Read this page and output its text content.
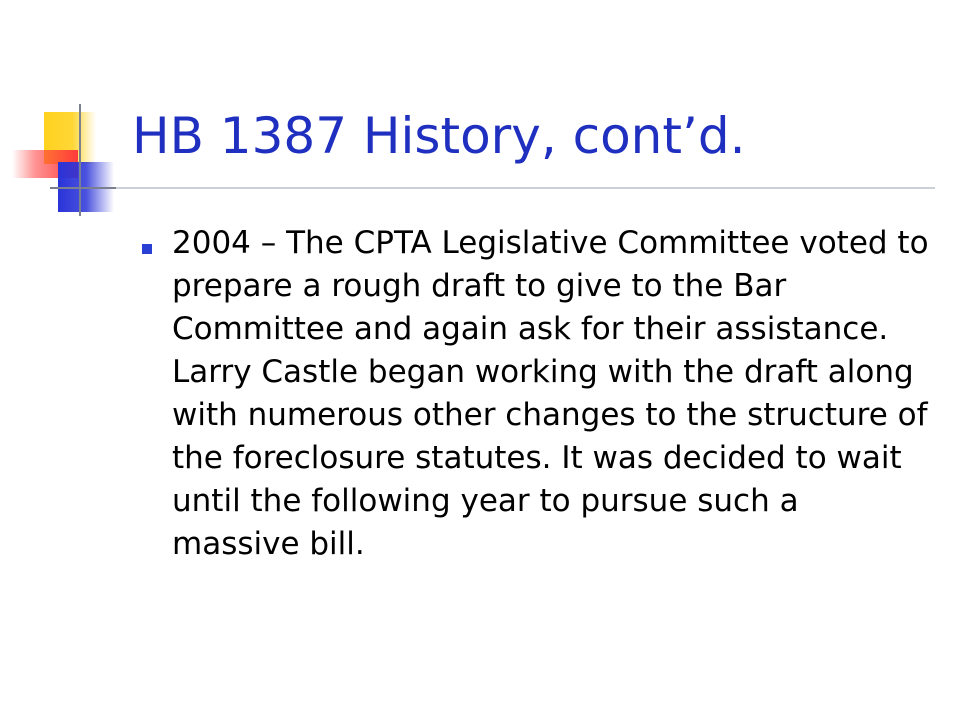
HB 1387 History, cont’d.
2004 – The CPTA Legislative Committee voted to prepare a rough draft to give to the Bar Committee and again ask for their assistance. Larry Castle began working with the draft along with numerous other changes to the structure of the foreclosure statutes. It was decided to wait until the following year to pursue such a massive bill.
